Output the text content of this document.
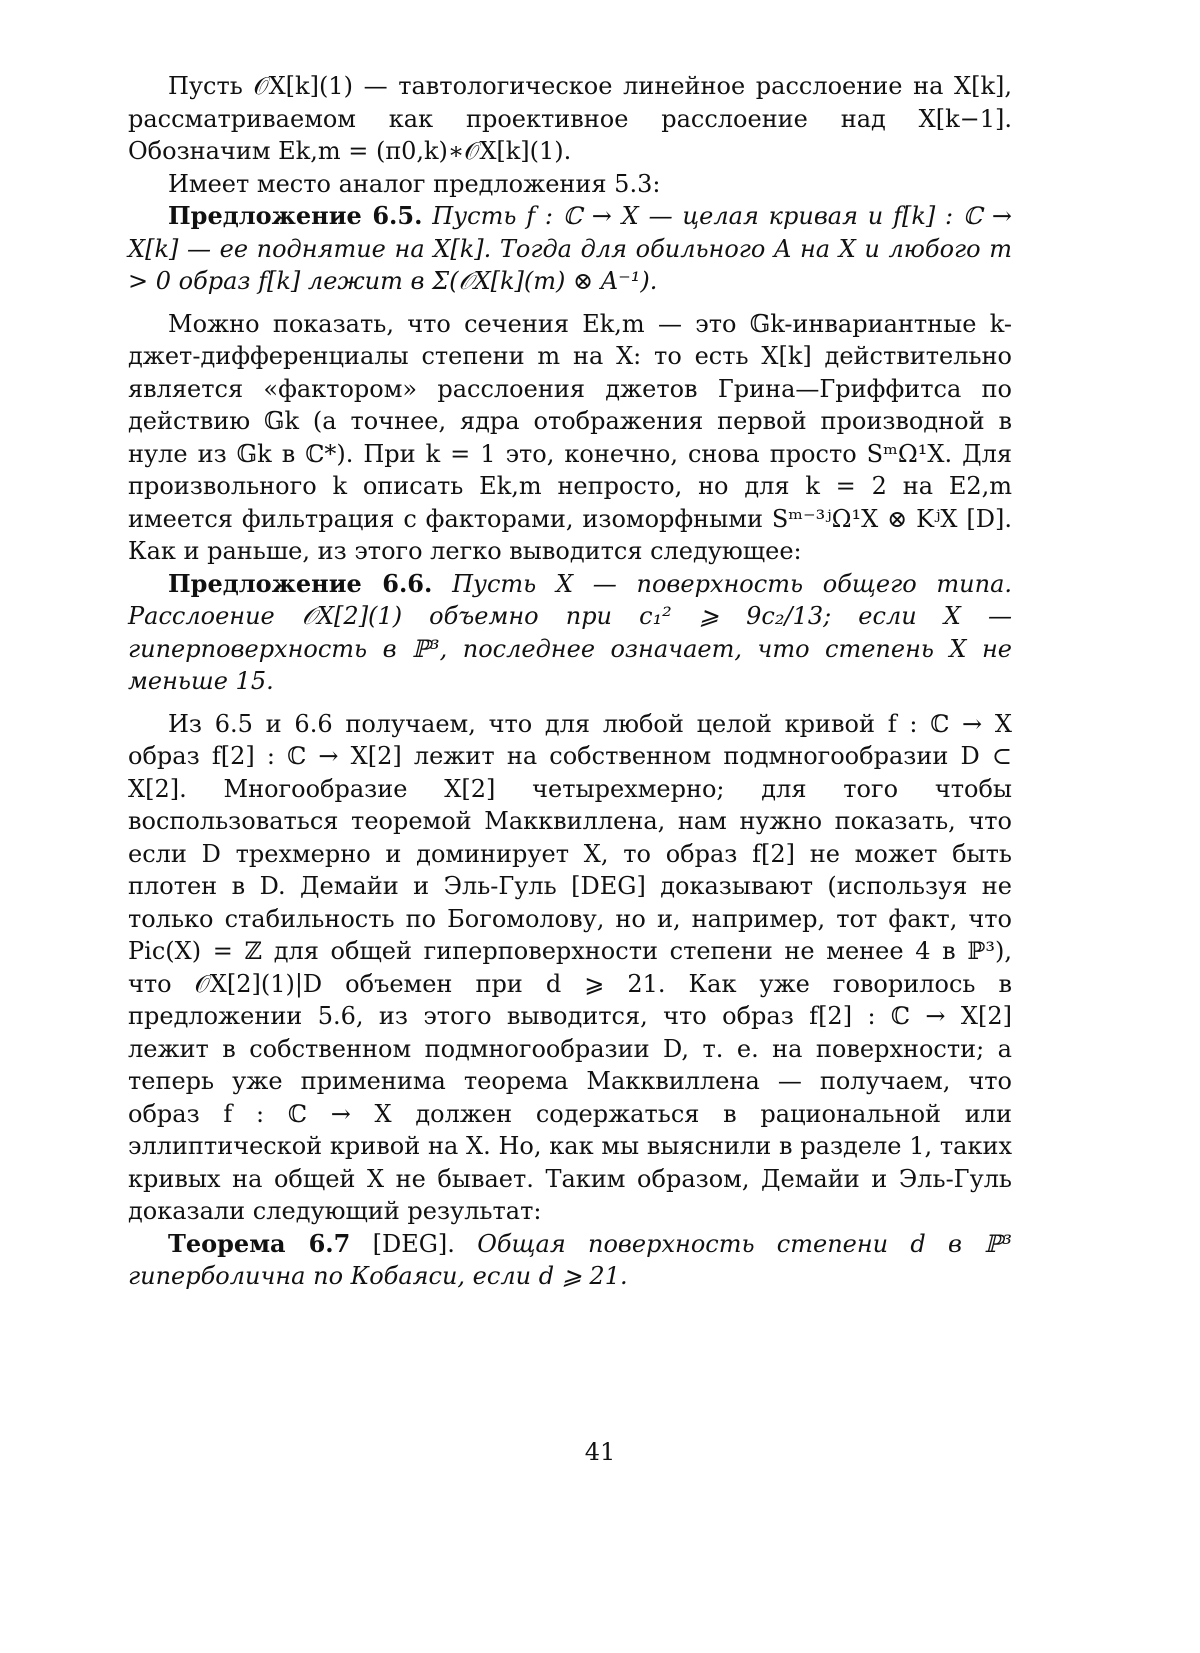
Пусть 𝒪X[k](1) — тавтологическое линейное расслоение на X[k], рассматриваемом как проективное расслоение над X[k−1]. Обозначим Ek,m = (π0,k)∗𝒪X[k](1).

Имеет место аналог предложения 5.3:

Предложение 6.5. Пусть f : ℂ → X — целая кривая и f[k] : ℂ → X[k] — ее поднятие на X[k]. Тогда для обильного A на X и любого m > 0 образ f[k] лежит в Σ(𝒪X[k](m) ⊗ A⁻¹).

Можно показать, что сечения Ek,m — это 𝔾k-инвариантные k-джет-дифференциалы степени m на X: то есть X[k] действительно является «фактором» расслоения джетов Грина—Гриффитса по действию 𝔾k (а точнее, ядра отображения первой производной в нуле из 𝔾k в ℂ*). При k = 1 это, конечно, снова просто SᵐΩ¹X. Для произвольного k описать Ek,m непросто, но для k = 2 на E2,m имеется фильтрация с факторами, изоморфными Sᵐ⁻³ʲΩ¹X ⊗ KʲX [D]. Как и раньше, из этого легко выводится следующее:

Предложение 6.6. Пусть X — поверхность общего типа. Расслоение 𝒪X[2](1) объемно при c₁² ⩾ 9c₂/13; если X — гиперповерхность в ℙ³, последнее означает, что степень X не меньше 15.

Из 6.5 и 6.6 получаем, что для любой целой кривой f : ℂ → X образ f[2] : ℂ → X[2] лежит на собственном подмногообразии D ⊂ X[2]. Многообразие X[2] четырехмерно; для того чтобы воспользоваться теоремой Макквиллена, нам нужно показать, что если D трехмерно и доминирует X, то образ f[2] не может быть плотен в D. Демайи и Эль-Гуль [DEG] доказывают (используя не только стабильность по Богомолову, но и, например, тот факт, что Pic(X) = ℤ для общей гиперповерхности степени не менее 4 в ℙ³), что 𝒪X[2](1)|D объемен при d ⩾ 21. Как уже говорилось в предложении 5.6, из этого выводится, что образ f[2] : ℂ → X[2] лежит в собственном подмногообразии D, т. е. на поверхности; а теперь уже применима теорема Макквиллена — получаем, что образ f : ℂ → X должен содержаться в рациональной или эллиптической кривой на X. Но, как мы выяснили в разделе 1, таких кривых на общей X не бывает. Таким образом, Демайи и Эль-Гуль доказали следующий результат:

Теорема 6.7 [DEG]. Общая поверхность степени d в ℙ³ гиперболична по Кобаяси, если d ⩾ 21.

41
